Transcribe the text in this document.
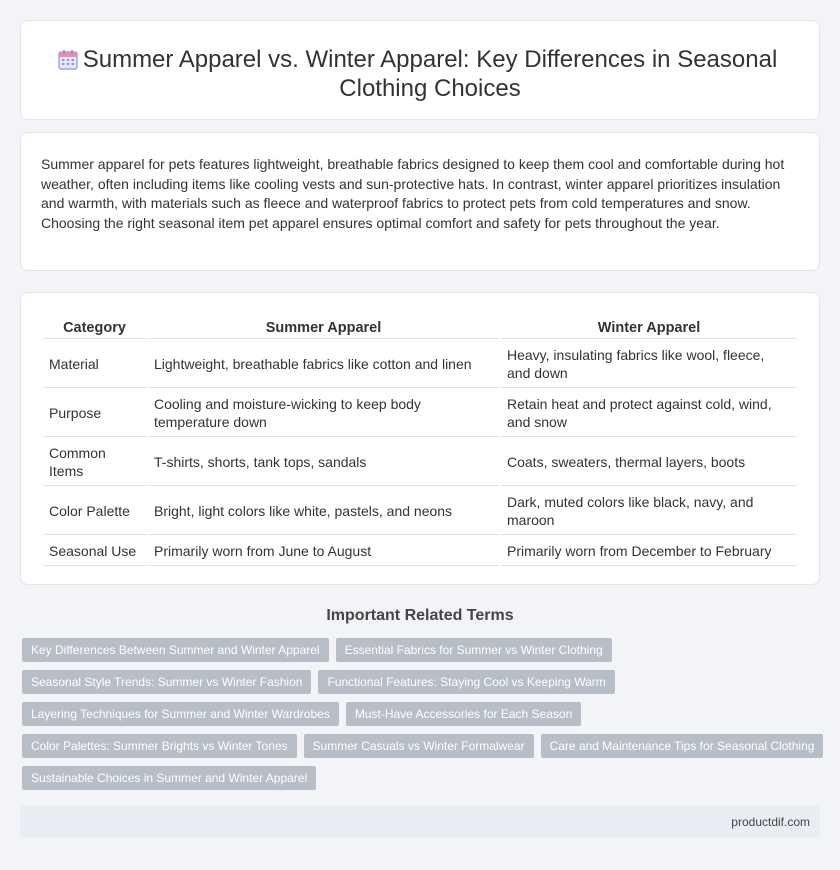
Summer Apparel vs. Winter Apparel: Key Differences in Seasonal Clothing Choices

Summer apparel for pets features lightweight, breathable fabrics designed to keep them cool and comfortable during hot weather, often including items like cooling vests and sun-protective hats. In contrast, winter apparel prioritizes insulation and warmth, with materials such as fleece and waterproof fabrics to protect pets from cold temperatures and snow. Choosing the right seasonal item pet apparel ensures optimal comfort and safety for pets throughout the year.

Category	Summer Apparel	Winter Apparel
Material	Lightweight, breathable fabrics like cotton and linen	Heavy, insulating fabrics like wool, fleece, and down
Purpose	Cooling and moisture-wicking to keep body temperature down	Retain heat and protect against cold, wind, and snow
Common Items	T-shirts, shorts, tank tops, sandals	Coats, sweaters, thermal layers, boots
Color Palette	Bright, light colors like white, pastels, and neons	Dark, muted colors like black, navy, and maroon
Seasonal Use	Primarily worn from June to August	Primarily worn from December to February
Important Related Terms
Key Differences Between Summer and Winter Apparel	Essential Fabrics for Summer vs Winter Clothing
Seasonal Style Trends: Summer vs Winter Fashion	Functional Features: Staying Cool vs Keeping Warm
Layering Techniques for Summer and Winter Wardrobes	Must-Have Accessories for Each Season
Color Palettes: Summer Brights vs Winter Tones	Summer Casuals vs Winter Formalwear	Care and Maintenance Tips for Seasonal Clothing
Sustainable Choices in Summer and Winter Apparel
productdif.com
